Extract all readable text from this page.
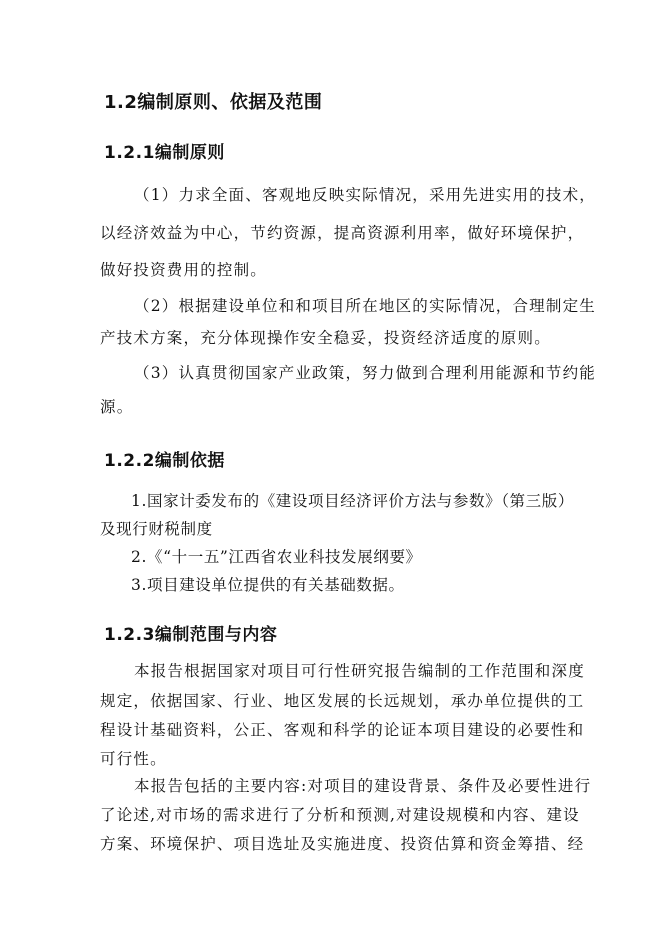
1.2编制原则、依据及范围
1.2.1编制原则
（1）力求全面、客观地反映实际情况，采用先进实用的技术，
以经济效益为中心，节约资源，提高资源利用率，做好环境保护，
做好投资费用的控制。
（2）根据建设单位和和项目所在地区的实际情况，合理制定生
产技术方案，充分体现操作安全稳妥，投资经济适度的原则。
（3）认真贯彻国家产业政策，努力做到合理利用能源和节约能
源。
1.2.2编制依据
1.国家计委发布的《建设项目经济评价方法与参数》（第三版）
及现行财税制度
2.《“十一五”江西省农业科技发展纲要》
3.项目建设单位提供的有关基础数据。
1.2.3编制范围与内容
本报告根据国家对项目可行性研究报告编制的工作范围和深度
规定，依据国家、行业、地区发展的长远规划，承办单位提供的工
程设计基础资料，公正、客观和科学的论证本项目建设的必要性和
可行性。
本报告包括的主要内容:对项目的建设背景、条件及必要性进行
了论述,对市场的需求进行了分析和预测,对建设规模和内容、建设
方案、环境保护、项目选址及实施进度、投资估算和资金筹措、经
